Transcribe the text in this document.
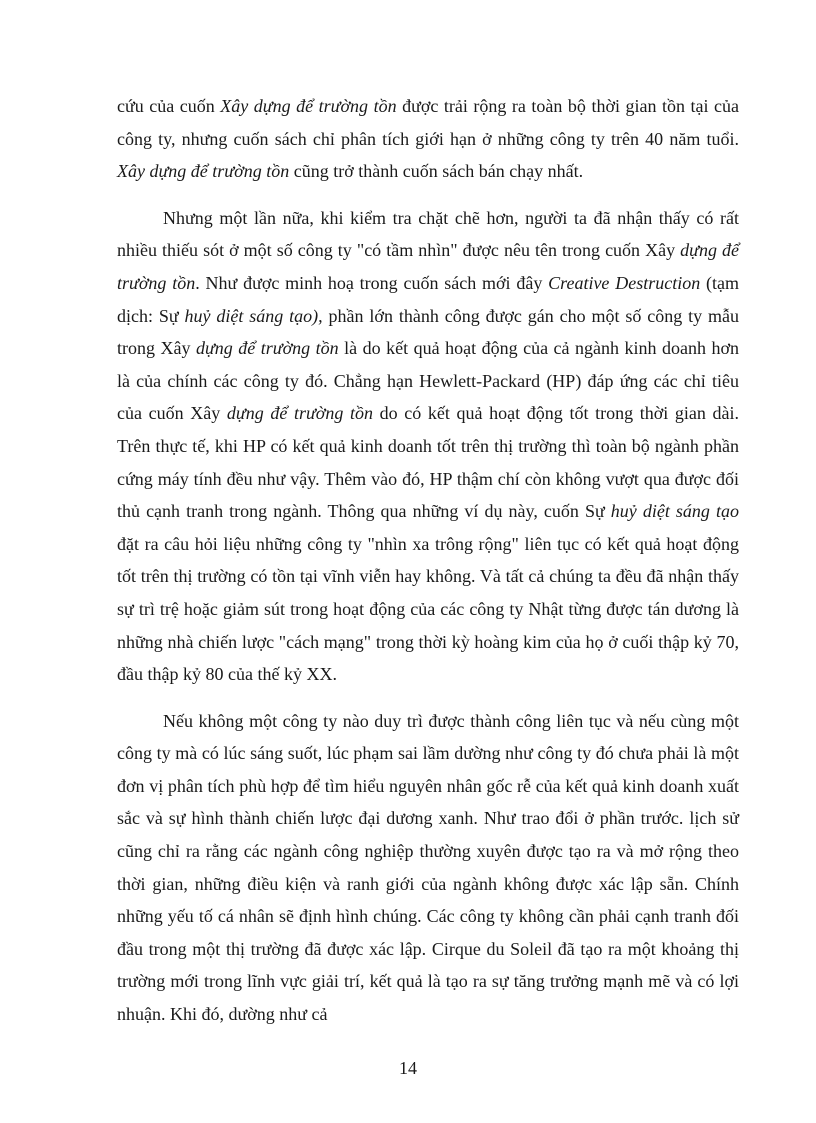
cứu của cuốn Xây dựng để trường tồn được trải rộng ra toàn bộ thời gian tồn tại của công ty, nhưng cuốn sách chỉ phân tích giới hạn ở những công ty trên 40 năm tuổi. Xây dựng để trường tồn cũng trở thành cuốn sách bán chạy nhất.

Nhưng một lần nữa, khi kiểm tra chặt chẽ hơn, người ta đã nhận thấy có rất nhiều thiếu sót ở một số công ty "có tầm nhìn" được nêu tên trong cuốn Xây dựng để trường tồn. Như được minh hoạ trong cuốn sách mới đây Creative Destruction (tạm dịch: Sự huỷ diệt sáng tạo), phần lớn thành công được gán cho một số công ty mẫu trong Xây dựng để trường tồn là do kết quả hoạt động của cả ngành kinh doanh hơn là của chính các công ty đó. Chẳng hạn Hewlett-Packard (HP) đáp ứng các chỉ tiêu của cuốn Xây dựng để trường tồn do có kết quả hoạt động tốt trong thời gian dài. Trên thực tế, khi HP có kết quả kinh doanh tốt trên thị trường thì toàn bộ ngành phần cứng máy tính đều như vậy. Thêm vào đó, HP thậm chí còn không vượt qua được đối thủ cạnh tranh trong ngành. Thông qua những ví dụ này, cuốn Sự huỷ diệt sáng tạo đặt ra câu hỏi liệu những công ty "nhìn xa trông rộng" liên tục có kết quả hoạt động tốt trên thị trường có tồn tại vĩnh viễn hay không. Và tất cả chúng ta đều đã nhận thấy sự trì trệ hoặc giảm sút trong hoạt động của các công ty Nhật từng được tán dương là những nhà chiến lược "cách mạng" trong thời kỳ hoàng kim của họ ở cuối thập kỷ 70, đầu thập kỷ 80 của thế kỷ XX.

Nếu không một công ty nào duy trì được thành công liên tục và nếu cùng một công ty mà có lúc sáng suốt, lúc phạm sai lầm dường như công ty đó chưa phải là một đơn vị phân tích phù hợp để tìm hiểu nguyên nhân gốc rễ của kết quả kinh doanh xuất sắc và sự hình thành chiến lược đại dương xanh. Như trao đổi ở phần trước. lịch sử cũng chỉ ra rằng các ngành công nghiệp thường xuyên được tạo ra và mở rộng theo thời gian, những điều kiện và ranh giới của ngành không được xác lập sẵn. Chính những yếu tố cá nhân sẽ định hình chúng. Các công ty không cần phải cạnh tranh đối đầu trong một thị trường đã được xác lập. Cirque du Soleil đã tạo ra một khoảng thị trường mới trong lĩnh vực giải trí, kết quả là tạo ra sự tăng trưởng mạnh mẽ và có lợi nhuận. Khi đó, dường như cả

14
